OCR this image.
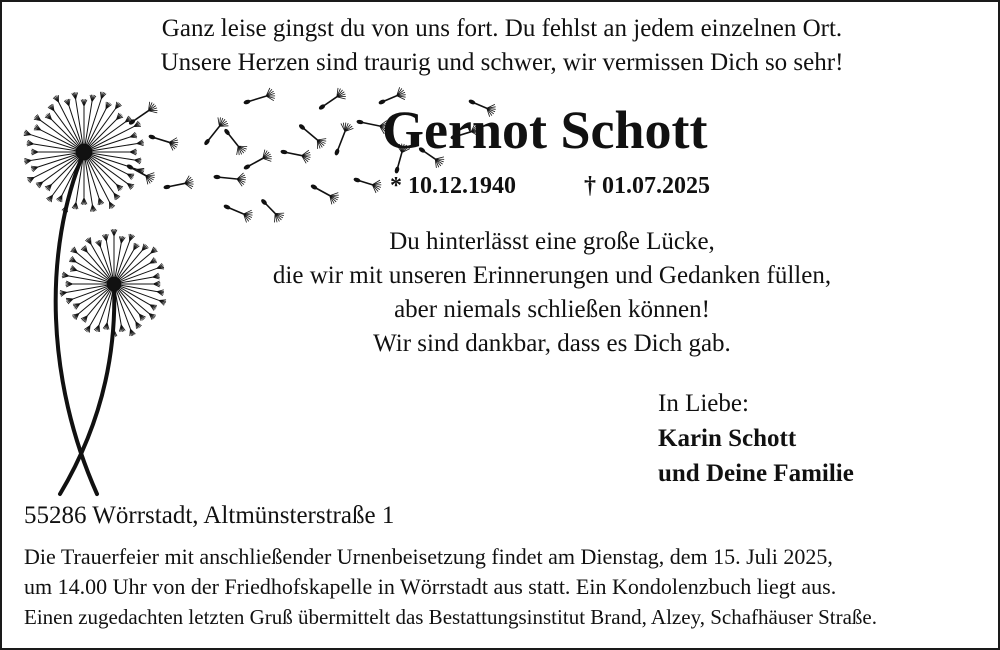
Ganz leise gingst du von uns fort. Du fehlst an jedem einzelnen Ort.
Unsere Herzen sind traurig und schwer, wir vermissen Dich so sehr!
Gernot Schott
* 10.12.1940	† 01.07.2025
Du hinterlässt eine große Lücke,
die wir mit unseren Erinnerungen und Gedanken füllen,
aber niemals schließen können!
Wir sind dankbar, dass es Dich gab.
In Liebe:
Karin Schott
und Deine Familie
55286 Wörrstadt, Altmünsterstraße 1
Die Trauerfeier mit anschließender Urnenbeisetzung findet am Dienstag, dem 15. Juli 2025,
um 14.00 Uhr von der Friedhofskapelle in Wörrstadt aus statt. Ein Kondolenzbuch liegt aus.
Einen zugedachten letzten Gruß übermittelt das Bestattungsinstitut Brand, Alzey, Schafhäuser Straße.
